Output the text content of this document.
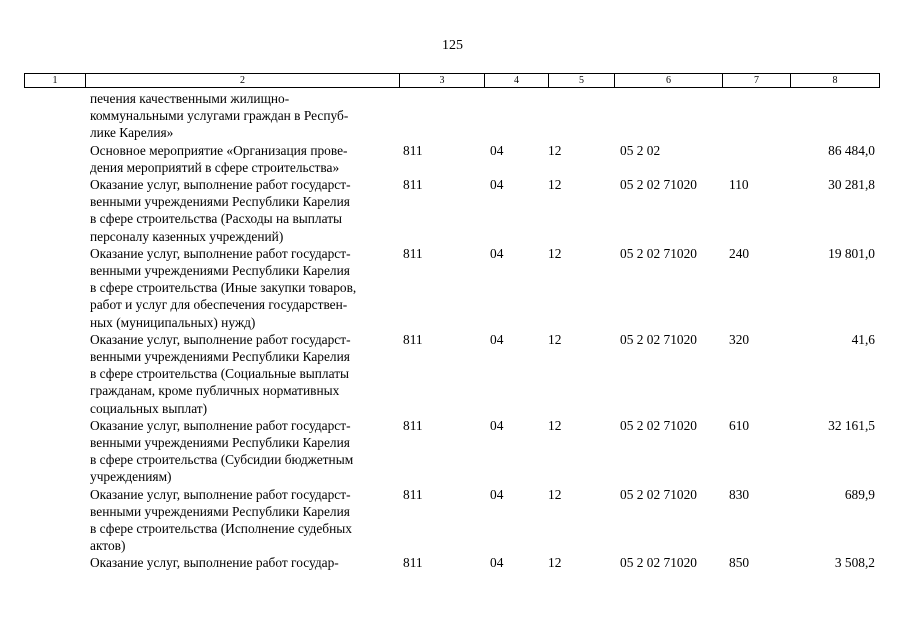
125
1	2	3	4	5	6	7	8
печения качественными жилищно-
коммунальными услугами граждан в Респуб-
лике Карелия»
Основное мероприятие «Организация прове-
дения мероприятий в сфере строительства»
811	04	12	05 2 02	86 484,0
Оказание услуг, выполнение работ государст-
венными учреждениями Республики Карелия
в сфере строительства (Расходы на выплаты
персоналу казенных учреждений)
811	04	12	05 2 02 71020 110	30 281,8
Оказание услуг, выполнение работ государст-
венными учреждениями Республики Карелия
в сфере строительства (Иные закупки товаров,
работ и услуг для обеспечения государствен-
ных (муниципальных) нужд)
811	04	12	05 2 02 71020 240	19 801,0
Оказание услуг, выполнение работ государст-
венными учреждениями Республики Карелия
в сфере строительства (Социальные выплаты
гражданам, кроме публичных нормативных
социальных выплат)
811	04	12	05 2 02 71020 320	41,6
Оказание услуг, выполнение работ государст-
венными учреждениями Республики Карелия
в сфере строительства (Субсидии бюджетным
учреждениям)
811	04	12	05 2 02 71020 610	32 161,5
Оказание услуг, выполнение работ государст-
венными учреждениями Республики Карелия
в сфере строительства (Исполнение судебных
актов)
811	04	12	05 2 02 71020 830	689,9
Оказание услуг, выполнение работ государ-	811	04	12	05 2 02 71020 850	3 508,2
